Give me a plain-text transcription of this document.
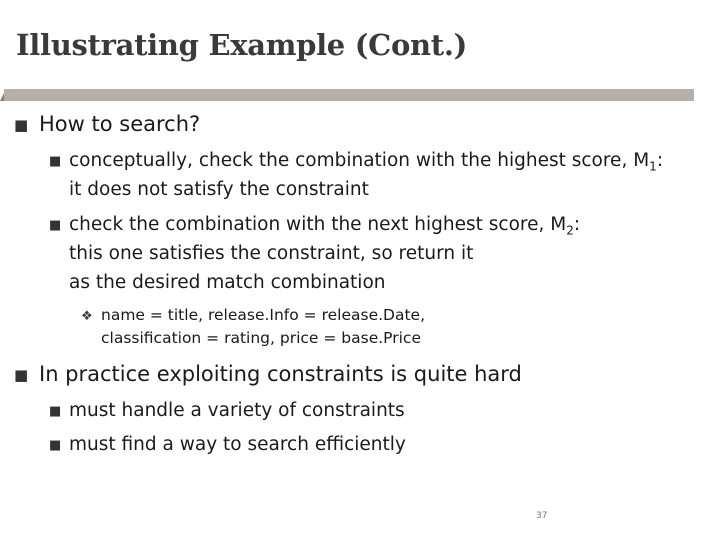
Illustrating Example (Cont.)
■ How to search?
■ conceptually, check the combination with the highest score, $M_1$:
it does not satisfy the constraint
■ check the combination with the next highest score, $M_2$:
this one satisfies the constraint, so return it
as the desired match combination
❖ name = title, release.Info = release.Date,
classification = rating, price = base.Price
■ In practice exploiting constraints is quite hard
■ must handle a variety of constraints
■ must find a way to search efficiently
37
